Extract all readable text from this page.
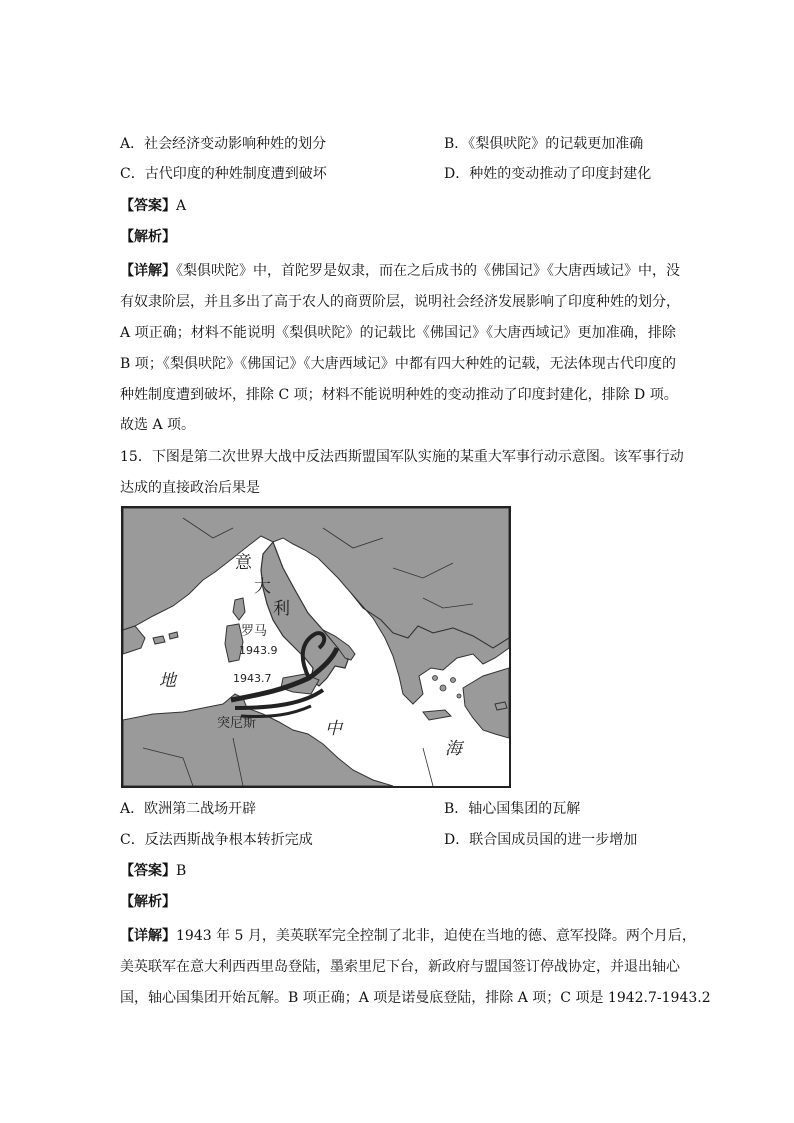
A．社会经济变动影响种姓的划分	B．《梨俱吠陀》的记载更加准确
C．古代印度的种姓制度遭到破坏	D．种姓的变动推动了印度封建化
【答案】A
【解析】
【详解】《梨俱吠陀》中，首陀罗是奴隶，而在之后成书的《佛国记》《大唐西域记》中，没
有奴隶阶层，并且多出了高于农人的商贾阶层，说明社会经济发展影响了印度种姓的划分，
A 项正确；材料不能说明《梨俱吠陀》的记载比《佛国记》《大唐西域记》更加准确，排除
B 项；《梨俱吠陀》《佛国记》《大唐西域记》中都有四大种姓的记载，无法体现古代印度的
种姓制度遭到破坏，排除 C 项；材料不能说明种姓的变动推动了印度封建化，排除 D 项。
故选 A 项。
15．下图是第二次世界大战中反法西斯盟国军队实施的某重大军事行动示意图。该军事行动
达成的直接政治后果是
意
大
利
罗马
1943.9
1943.7
地
中
海
突尼斯
A．欧洲第二战场开辟	B．轴心国集团的瓦解
C．反法西斯战争根本转折完成	D．联合国成员国的进一步增加
【答案】B
【解析】
【详解】1943 年 5 月，美英联军完全控制了北非，迫使在当地的德、意军投降。两个月后，
美英联军在意大利西西里岛登陆，墨索里尼下台，新政府与盟国签订停战协定，并退出轴心
国，轴心国集团开始瓦解。B 项正确；A 项是诺曼底登陆，排除 A 项；C 项是 1942.7-1943.2
